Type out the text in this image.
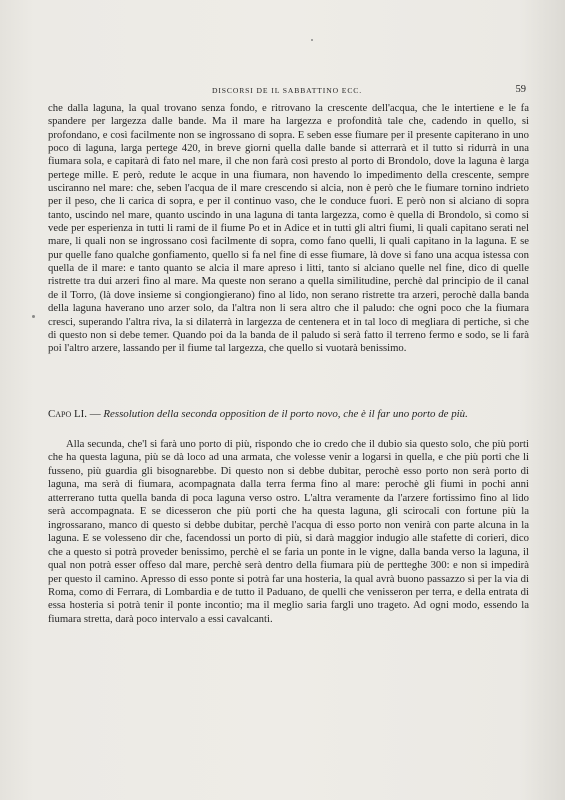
DISCORSI DE IL SABBATTINO ECC.	59

che dalla laguna, la qual trovano senza fondo, e ritrovano la crescente dell'acqua, che le intertiene e le fa spandere per largezza dalle bande. Ma il mare ha largezza e profondità tale che, cadendo in quello, si profondano, e così facilmente non se ingrossano di sopra. E seben esse fiumare per il presente capiterano in uno poco di laguna, larga pertege 420, in breve giorni quella dalle bande si atterrarà et il tutto si ridurrà in una fiumara sola, e capitarà di fato nel mare, il che non farà così presto al porto di Brondolo, dove la laguna è larga pertege mille. E però, redute le acque in una fiumara, non havendo lo impedimento della crescente, sempre usciranno nel mare: che, seben l'acqua de il mare crescendo si alcia, non è però che le fiumare tornino indrieto per il peso, che li carica di sopra, e per il continuo vaso, che le conduce fuori. E però non si alciano di sopra tanto, uscindo nel mare, quanto uscindo in una laguna di tanta largezza, como è quella di Brondolo, sì como si vede per esperienza in tutti li rami de il fiume Po et in Adice et in tutti gli altri fiumi, li quali capitano serati nel mare, li quali non se ingrossano così facilmente di sopra, como fano quelli, li quali capitano in la laguna. E se pur quelle fano qualche gonfiamento, quello si fa nel fine di esse fiumare, là dove si fano una acqua istessa con quella de il mare: e tanto quanto se alcia il mare apreso i litti, tanto si alciano quelle nel fine, dico di quelle ristrette tra dui arzeri fino al mare. Ma queste non serano a quella similitudine, perchè dal principio de il canal de il Torro, (là dove insieme si congiongierano) fino al lido, non serano ristrette tra arzeri, perochè dalla banda della laguna haverano uno arzer solo, da l'altra non li sera altro che il paludo: che ogni poco che la fiumara cresci, superando l'altra riva, la si dilaterrà in largezza de centenera et in tal loco di megliara di pertiche, sì che di questo non si debe temer. Quando poi da la banda de il paludo si serà fatto il terreno fermo e sodo, se li farà poi l'altro arzere, lassando per il fiume tal largezza, che quello si vuotarà benissimo.

Capo LI. — Ressolution della seconda opposition de il porto novo, che è il far uno porto de più.

Alla secunda, che'l si farà uno porto di più, rispondo che io credo che il dubio sia questo solo, che più porti che ha questa laguna, più se dà loco ad una armata, che volesse venir a logarsi in quella, e che più porti che li fusseno, più guardia gli bisognarebbe. Di questo non si debbe dubitar, perochè esso porto non serà porto di laguna, ma serà di fiumara, acompagnata dalla terra ferma fino al mare: perochè gli fiumi in pochi anni atterrerano tutta quella banda di poca laguna verso ostro. L'altra veramente da l'arzere fortissimo fino al lido serà accompagnata. E se dicesseron che più porti che ha questa laguna, gli scirocali con fortune più la ingrossarano, manco di questo si debbe dubitar, perchè l'acqua di esso porto non venirà con parte alcuna in la laguna. E se volesseno dir che, facendossi un porto di più, si darà maggior indugio alle stafette di corieri, dico che a questo si potrà proveder benissimo, perchè el se faria un ponte in le vigne, dalla banda verso la laguna, il qual non potrà esser offeso dal mare, perchè serà dentro della fiumara più de pertteghe 300: e non si impedirà per questo il camino. Apresso di esso ponte si potrà far una hosteria, la qual avrà buono passazzo sì per la via di Roma, como di Ferrara, di Lombardia e de tutto il Paduano, de quelli che venisseron per terra, e della entrata di essa hosteria si potrà tenir il ponte incontio; ma il meglio saria fargli uno trageto. Ad ogni modo, essendo la fiumara stretta, darà poco intervalo a essi cavalcanti.
